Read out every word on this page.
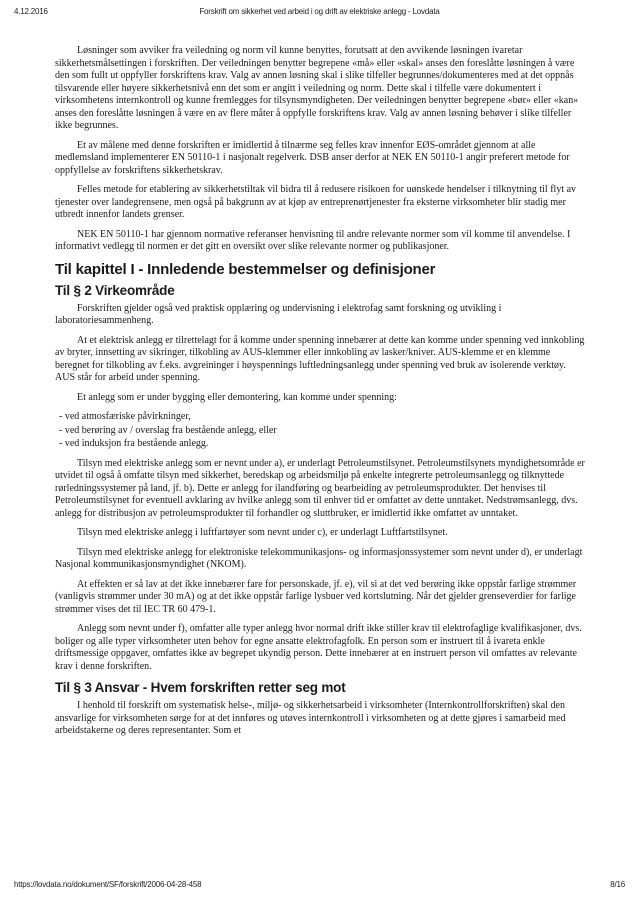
4.12.2016	Forskrift om sikkerhet ved arbeid i og drift av elektriske anlegg - Lovdata

Løsninger som avviker fra veiledning og norm vil kunne benyttes, forutsatt at den avvikende løsningen ivaretar sikkerhetsmålsettingen i forskriften. Der veiledningen benytter begrepene «må» eller «skal» anses den foreslåtte løsningen å være den som fullt ut oppfyller forskriftens krav. Valg av annen løsning skal i slike tilfeller begrunnes/dokumenteres med at det oppnås tilsvarende eller høyere sikkerhetsnivå enn det som er angitt i veiledning og norm. Dette skal i tilfelle være dokumentert i virksomhetens internkontroll og kunne fremlegges for tilsynsmyndigheten. Der veiledningen benytter begrepene «bør» eller «kan» anses den foreslåtte løsningen å være en av flere måter å oppfylle forskriftens krav. Valg av annen løsning behøver i slike tilfeller ikke begrunnes.

Et av målene med denne forskriften er imidlertid å tilnærme seg felles krav innenfor EØS-området gjennom at alle medlemsland implementerer EN 50110-1 i nasjonalt regelverk. DSB anser derfor at NEK EN 50110-1 angir preferert metode for oppfyllelse av forskriftens sikkerhetskrav.

Felles metode for etablering av sikkerhetstiltak vil bidra til å redusere risikoen for uønskede hendelser i tilknytning til flyt av tjenester over landegrensene, men også på bakgrunn av at kjøp av entreprenørtjenester fra eksterne virksomheter blir stadig mer utbredt innenfor landets grenser.

NEK EN 50110-1 har gjennom normative referanser henvisning til andre relevante normer som vil komme til anvendelse. I informativt vedlegg til normen er det gitt en oversikt over slike relevante normer og publikasjoner.

Til kapittel I - Innledende bestemmelser og definisjoner
Til § 2 Virkeområde

Forskriften gjelder også ved praktisk opplæring og undervisning i elektrofag samt forskning og utvikling i laboratoriesammenheng.

At et elektrisk anlegg er tilrettelagt for å komme under spenning innebærer at dette kan komme under spenning ved innkobling av bryter, innsetting av sikringer, tilkobling av AUS-klemmer eller innkobling av lasker/kniver. AUS-klemme er en klemme beregnet for tilkobling av f.eks. avgreininger i høyspennings luftledningsanlegg under spenning ved bruk av isolerende verktøy. AUS står for arbeid under spenning.

Et anlegg som er under bygging eller demontering, kan komme under spenning:

- ved atmosfæriske påvirkninger,
- ved berøring av / overslag fra bestående anlegg, eller
- ved induksjon fra bestående anlegg.

Tilsyn med elektriske anlegg som er nevnt under a), er underlagt Petroleumstilsynet. Petroleumstilsynets myndighetsområde er utvidet til også å omfatte tilsyn med sikkerhet, beredskap og arbeidsmiljø på enkelte integrerte petroleumsanlegg og tilknyttede rørledningssystemer på land, jf. b). Dette er anlegg for ilandføring og bearbeiding av petroleumsprodukter. Det henvises til Petroleumstilsynet for eventuell avklaring av hvilke anlegg som til enhver tid er omfattet av dette unntaket. Nedstrømsanlegg, dvs. anlegg for distribusjon av petroleumsprodukter til forhandler og sluttbruker, er imidlertid ikke omfattet av unntaket.

Tilsyn med elektriske anlegg i luftfartøyer som nevnt under c), er underlagt Luftfartstilsynet.

Tilsyn med elektriske anlegg for elektroniske telekommunikasjons- og informasjonssystemer som nevnt under d), er underlagt Nasjonal kommunikasjonsmyndighet (NKOM).

At effekten er så lav at det ikke innebærer fare for personskade, jf. e), vil si at det ved berøring ikke oppstår farlige strømmer (vanligvis strømmer under 30 mA) og at det ikke oppstår farlige lysbuer ved kortslutning. Når det gjelder grenseverdier for farlige strømmer vises det til IEC TR 60 479-1.

Anlegg som nevnt under f), omfatter alle typer anlegg hvor normal drift ikke stiller krav til elektrofaglige kvalifikasjoner, dvs. boliger og alle typer virksomheter uten behov for egne ansatte elektrofagfolk. En person som er instruert til å ivareta enkle driftsmessige oppgaver, omfattes ikke av begrepet ukyndig person. Dette innebærer at en instruert person vil omfattes av relevante krav i denne forskriften.

Til § 3 Ansvar - Hvem forskriften retter seg mot

I henhold til forskrift om systematisk helse-, miljø- og sikkerhetsarbeid i virksomheter (Internkontrollforskriften) skal den ansvarlige for virksomheten sørge for at det innføres og utøves internkontroll i virksomheten og at dette gjøres i samarbeid med arbeidstakerne og deres representanter. Som et

https://lovdata.no/dokument/SF/forskrift/2006-04-28-458	8/16
